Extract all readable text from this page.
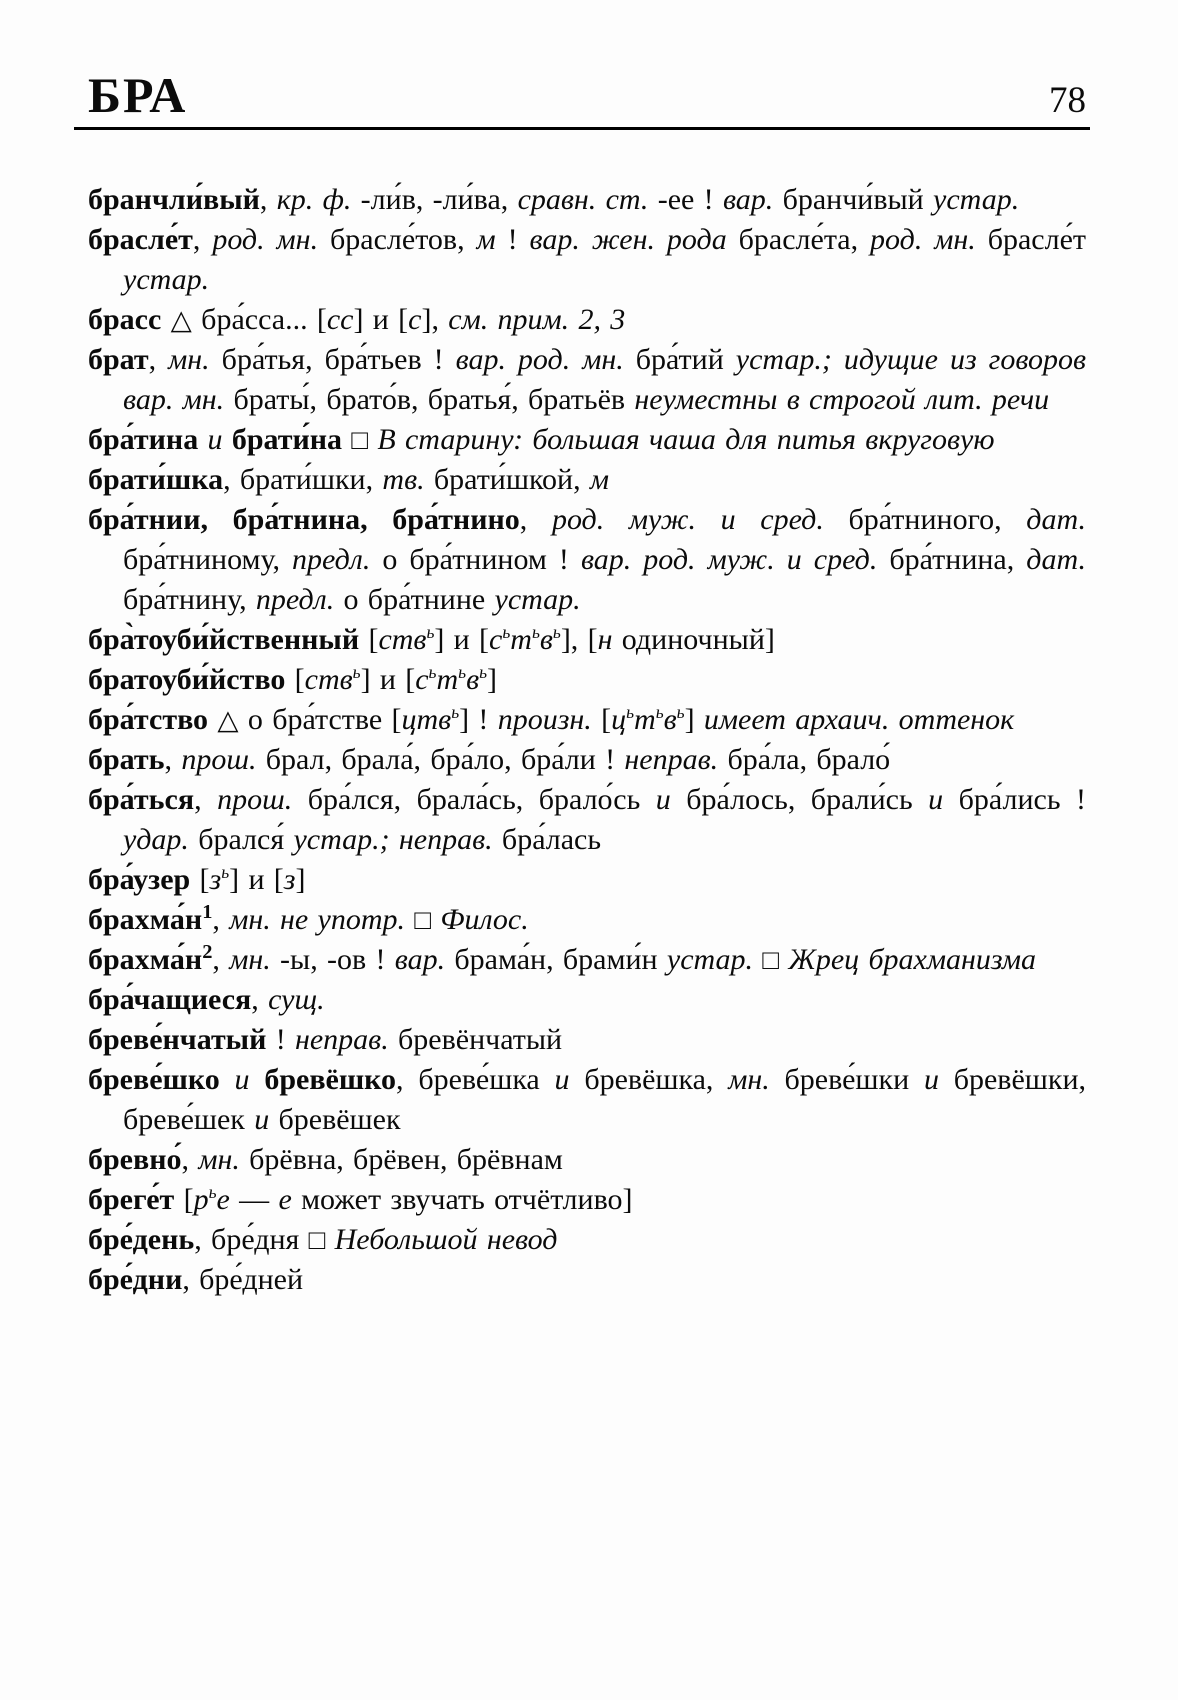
БРА	78

бранчли́вый, кр. ф. -ли́в, -ли́ва, сравн. ст. -ее ! вар. бранчи́вый устар.

брасле́т, род. мн. брасле́тов, м ! вар. жен. рода брасле́та, род. мн. брасле́т устар.

брасс △ бра́сса... [сс] и [с], см. прим. 2, 3

брат, мн. бра́тья, бра́тьев ! вар. род. мн. бра́тий устар.; идущие из говоров вар. мн. браты́, брато́в, братья́, братьёв неуместны в строгой лит. речи

бра́тина и брати́на □ В старину: большая чаша для питья вкруговую

брати́шка, брати́шки, тв. брати́шкой, м

бра́тнии, бра́тнина, бра́тнино, род. муж. и сред. бра́тниного, дат. бра́тниному, предл. о бра́тнином ! вар. род. муж. и сред. бра́тнина, дат. бра́тнину, предл. о бра́тнине устар.

бра̀тоуби́йственный [ств$^ь$] и $[с^ьт^ьв^ь]$, [н одиночный]

братоуби́йство [ств$^ь$] и $[с^ьт^ьв^ь]$

бра́тство △ о бра́тстве [цтв$^ь$] ! произн. $[ц^ьт^ьв^ь]$ имеет архаич. оттенок

брать, прош. брал, брала́, бра́ло, бра́ли ! неправ. бра́ла, брало́

бра́ться, прош. бра́лся, брала́сь, брало́сь и бра́лось, брали́сь и бра́лись ! удар. брался́ устар.; неправ. бра́лась

бра́узер $[з^ь]$ и [з]

$брахма́н^1$, мн. не употр. □ Филос.

$брахма́н^2$, мн. -ы, -ов ! вар. брама́н, брами́н устар. □ Жрец брахманизма

бра́чащиеся, сущ.

бреве́нчатый ! неправ. бревёнчатый

бреве́шко и бревёшко, бреве́шка и бревёшка, мн. бреве́шки и бревёшки, бреве́шек и бревёшек

бревно́, мн. брёвна, брёвен, брёвнам

бреге́т [$р^ье$ — е может звучать отчётливо]

бре́день, бре́дня □ Небольшой невод

бре́дни, бре́дней
